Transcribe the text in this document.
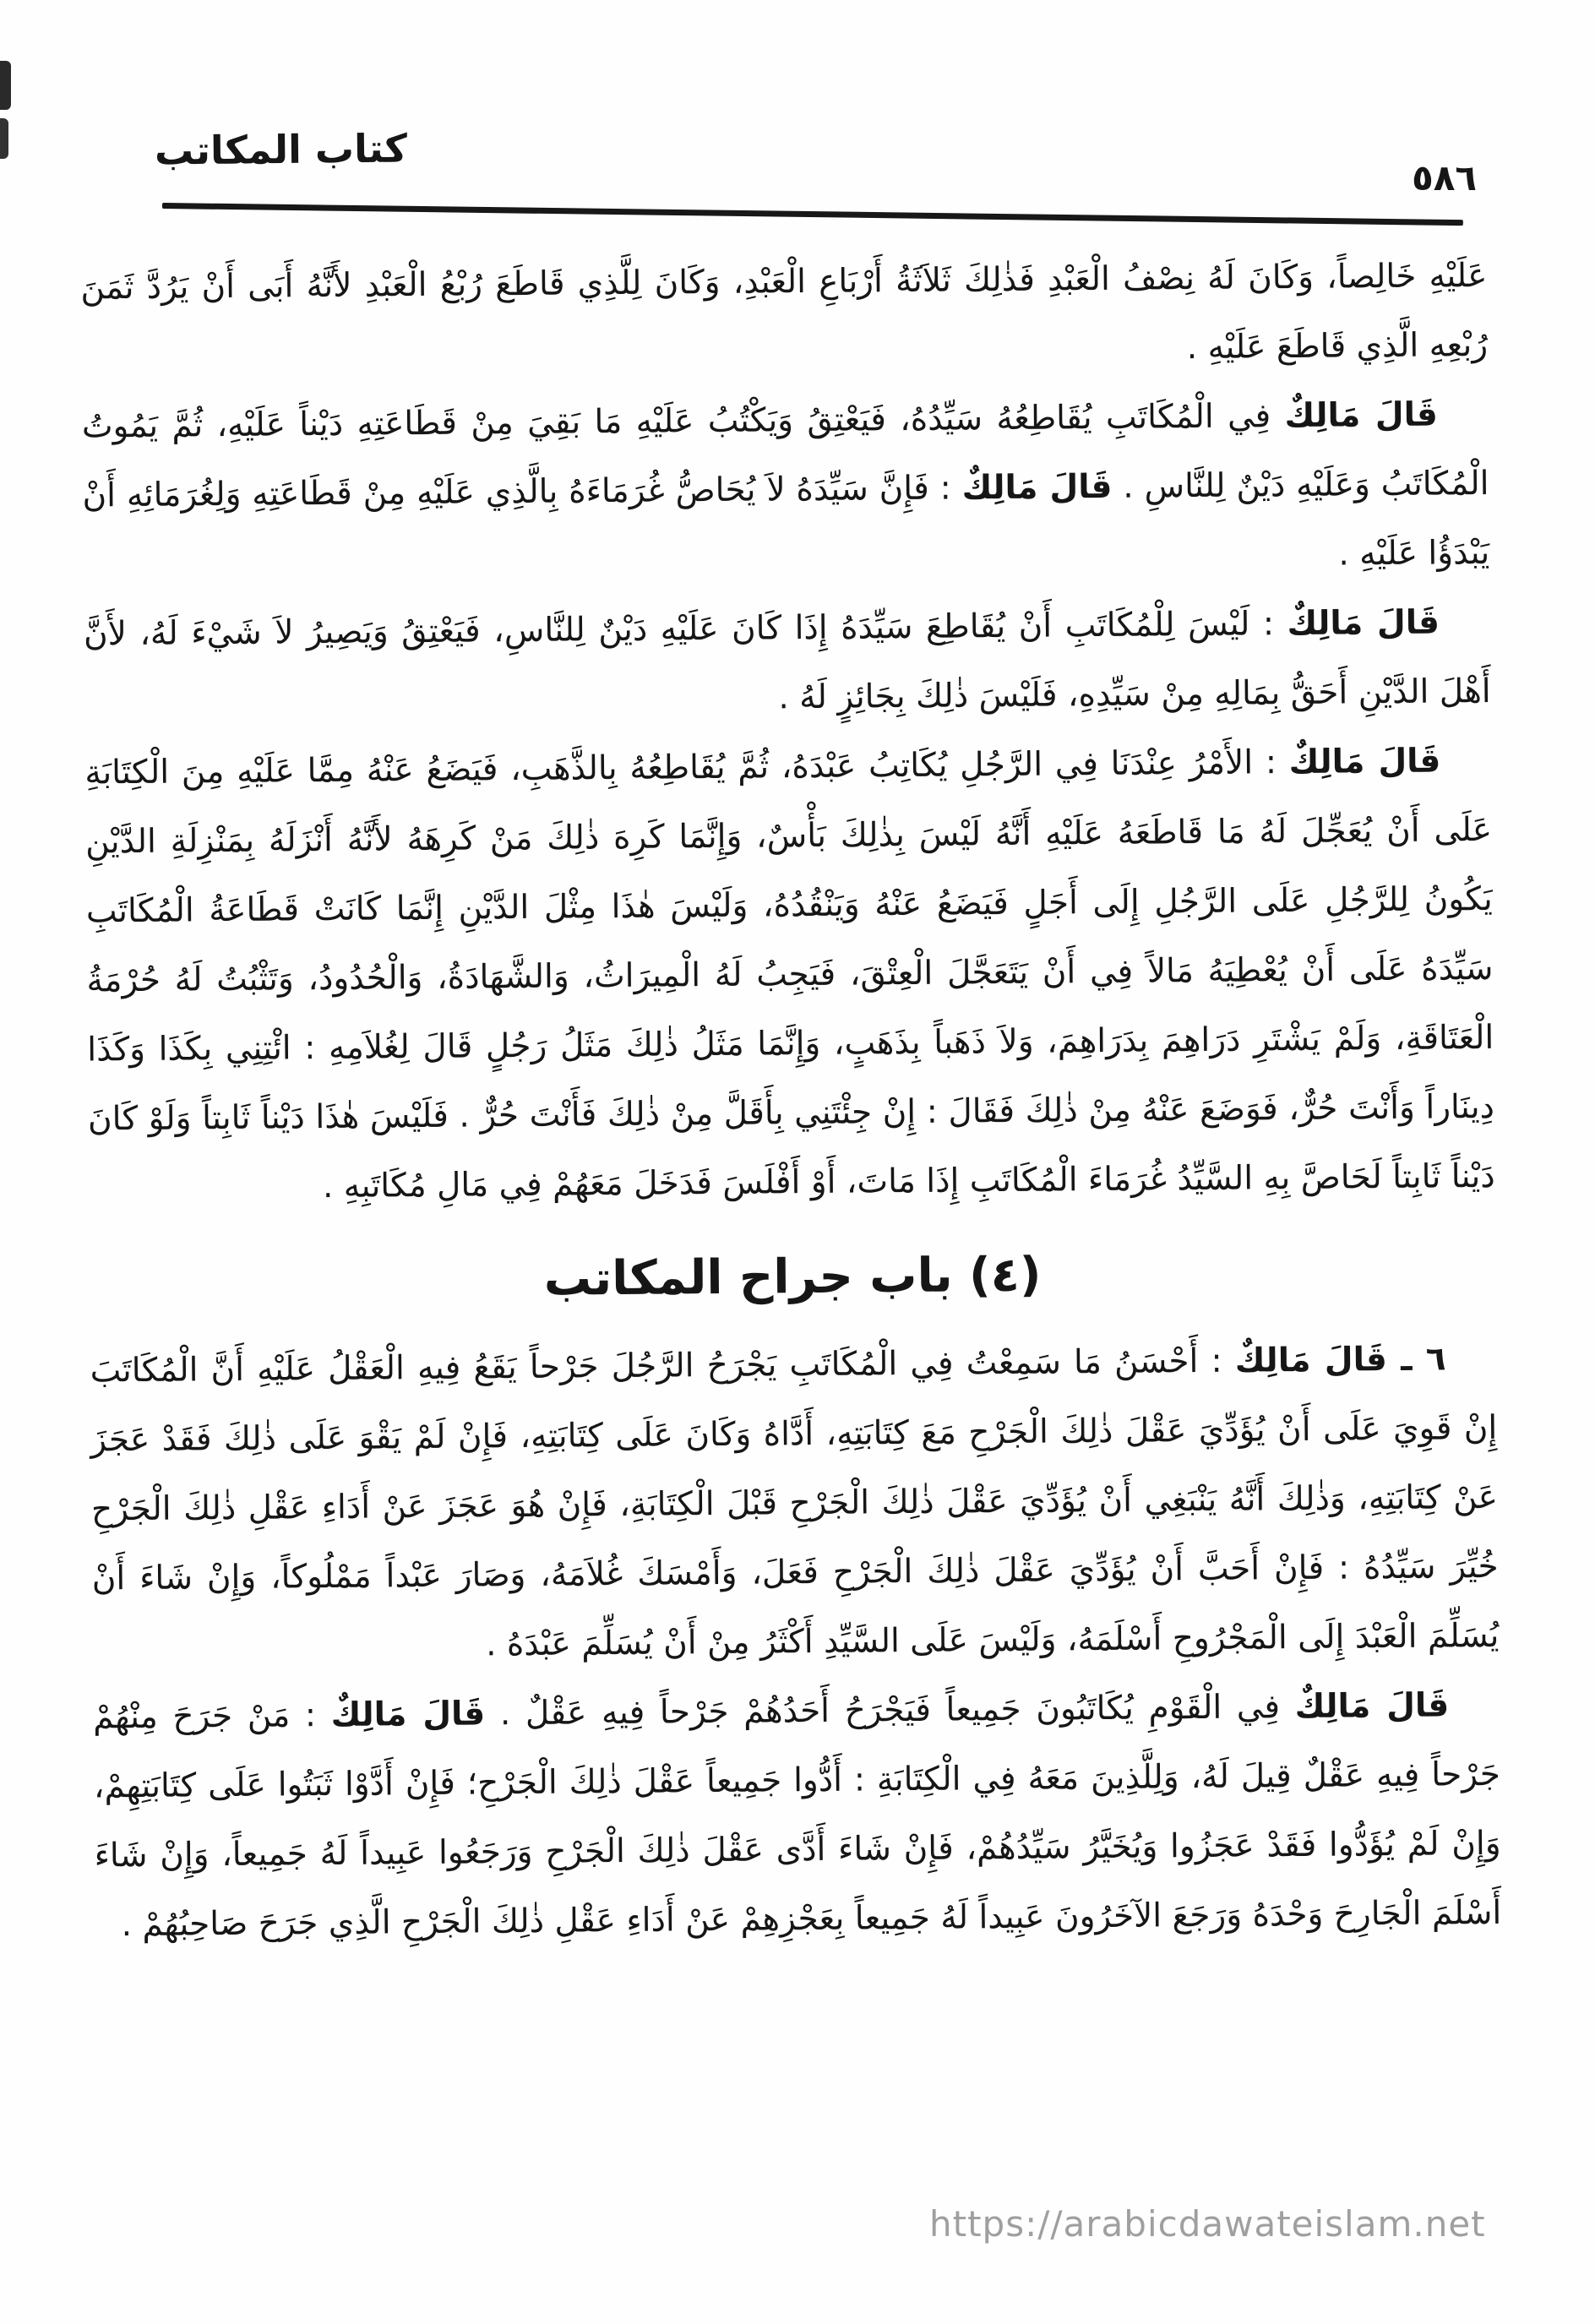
كتاب المكاتب
٥٨٦

عَلَيْهِ خَالِصاً، وَكَانَ لَهُ نِصْفُ الْعَبْدِ فَذٰلِكَ ثَلاَثَةُ أَرْبَاعِ الْعَبْدِ، وَكَانَ لِلَّذِي قَاطَعَ رُبْعُ الْعَبْدِ لأَنَّهُ أَبَى أَنْ يَرُدَّ ثَمَنَ رُبْعِهِ الَّذِي قَاطَعَ عَلَيْهِ .

قَالَ مَالِكٌ فِي الْمُكَاتَبِ يُقَاطِعُهُ سَيِّدُهُ، فَيَعْتِقُ وَيَكْتُبُ عَلَيْهِ مَا بَقِيَ مِنْ قَطَاعَتِهِ دَيْناً عَلَيْهِ، ثُمَّ يَمُوتُ الْمُكَاتَبُ وَعَلَيْهِ دَيْنٌ لِلنَّاسِ . قَالَ مَالِكٌ : فَإِنَّ سَيِّدَهُ لاَ يُحَاصُّ غُرَمَاءَهُ بِالَّذِي عَلَيْهِ مِنْ قَطَاعَتِهِ وَلِغُرَمَائِهِ أَنْ يَبْدَؤُا عَلَيْهِ .

قَالَ مَالِكٌ : لَيْسَ لِلْمُكَاتَبِ أَنْ يُقَاطِعَ سَيِّدَهُ إِذَا كَانَ عَلَيْهِ دَيْنٌ لِلنَّاسِ، فَيَعْتِقُ وَيَصِيرُ لاَ شَيْءَ لَهُ، لأَنَّ أَهْلَ الدَّيْنِ أَحَقُّ بِمَالِهِ مِنْ سَيِّدِهِ، فَلَيْسَ ذٰلِكَ بِجَائِزٍ لَهُ .

قَالَ مَالِكٌ : الأَمْرُ عِنْدَنَا فِي الرَّجُلِ يُكَاتِبُ عَبْدَهُ، ثُمَّ يُقَاطِعُهُ بِالذَّهَبِ، فَيَضَعُ عَنْهُ مِمَّا عَلَيْهِ مِنَ الْكِتَابَةِ عَلَى أَنْ يُعَجِّلَ لَهُ مَا قَاطَعَهُ عَلَيْهِ أَنَّهُ لَيْسَ بِذٰلِكَ بَأْسٌ، وَإِنَّمَا كَرِهَ ذٰلِكَ مَنْ كَرِهَهُ لأَنَّهُ أَنْزَلَهُ بِمَنْزِلَةِ الدَّيْنِ يَكُونُ لِلرَّجُلِ عَلَى الرَّجُلِ إِلَى أَجَلٍ فَيَضَعُ عَنْهُ وَيَنْقُدُهُ، وَلَيْسَ هٰذَا مِثْلَ الدَّيْنِ إِنَّمَا كَانَتْ قَطَاعَةُ الْمُكَاتَبِ سَيِّدَهُ عَلَى أَنْ يُعْطِيَهُ مَالاً فِي أَنْ يَتَعَجَّلَ الْعِتْقَ، فَيَجِبُ لَهُ الْمِيرَاثُ، وَالشَّهَادَةُ، وَالْحُدُودُ، وَتَثْبُتُ لَهُ حُرْمَةُ الْعَتَاقَةِ، وَلَمْ يَشْتَرِ دَرَاهِمَ بِدَرَاهِمَ، وَلاَ ذَهَباً بِذَهَبٍ، وَإِنَّمَا مَثَلُ ذٰلِكَ مَثَلُ رَجُلٍ قَالَ لِغُلاَمِهِ : ائْتِنِي بِكَذَا وَكَذَا دِينَاراً وَأَنْتَ حُرٌّ، فَوَضَعَ عَنْهُ مِنْ ذٰلِكَ فَقَالَ : إِنْ جِئْتَنِي بِأَقَلَّ مِنْ ذٰلِكَ فَأَنْتَ حُرٌّ . فَلَيْسَ هٰذَا دَيْناً ثَابِتاً وَلَوْ كَانَ دَيْناً ثَابِتاً لَحَاصَّ بِهِ السَّيِّدُ غُرَمَاءَ الْمُكَاتَبِ إِذَا مَاتَ، أَوْ أَفْلَسَ فَدَخَلَ مَعَهُمْ فِي مَالِ مُكَاتَبِهِ .

(٤) باب جراح المكاتب

٦ ـ قَالَ مَالِكٌ : أَحْسَنُ مَا سَمِعْتُ فِي الْمُكَاتَبِ يَجْرَحُ الرَّجُلَ جَرْحاً يَقَعُ فِيهِ الْعَقْلُ عَلَيْهِ أَنَّ الْمُكَاتَبَ إِنْ قَوِيَ عَلَى أَنْ يُؤَدِّيَ عَقْلَ ذٰلِكَ الْجَرْحِ مَعَ كِتَابَتِهِ، أَدَّاهُ وَكَانَ عَلَى كِتَابَتِهِ، فَإِنْ لَمْ يَقْوَ عَلَى ذٰلِكَ فَقَدْ عَجَزَ عَنْ كِتَابَتِهِ، وَذٰلِكَ أَنَّهُ يَنْبَغِي أَنْ يُؤَدِّيَ عَقْلَ ذٰلِكَ الْجَرْحِ قَبْلَ الْكِتَابَةِ، فَإِنْ هُوَ عَجَزَ عَنْ أَدَاءِ عَقْلِ ذٰلِكَ الْجَرْحِ خُيِّرَ سَيِّدُهُ : فَإِنْ أَحَبَّ أَنْ يُؤَدِّيَ عَقْلَ ذٰلِكَ الْجَرْحِ فَعَلَ، وَأَمْسَكَ غُلاَمَهُ، وَصَارَ عَبْداً مَمْلُوكاً، وَإِنْ شَاءَ أَنْ يُسَلِّمَ الْعَبْدَ إِلَى الْمَجْرُوحِ أَسْلَمَهُ، وَلَيْسَ عَلَى السَّيِّدِ أَكْثَرُ مِنْ أَنْ يُسَلِّمَ عَبْدَهُ .

قَالَ مَالِكٌ فِي الْقَوْمِ يُكَاتَبُونَ جَمِيعاً فَيَجْرَحُ أَحَدُهُمْ جَرْحاً فِيهِ عَقْلٌ . قَالَ مَالِكٌ : مَنْ جَرَحَ مِنْهُمْ جَرْحاً فِيهِ عَقْلٌ قِيلَ لَهُ، وَلِلَّذِينَ مَعَهُ فِي الْكِتَابَةِ : أَدُّوا جَمِيعاً عَقْلَ ذٰلِكَ الْجَرْحِ؛ فَإِنْ أَدَّوْا ثَبَتُوا عَلَى كِتَابَتِهِمْ، وَإِنْ لَمْ يُؤَدُّوا فَقَدْ عَجَزُوا وَيُخَيَّرُ سَيِّدُهُمْ، فَإِنْ شَاءَ أَدَّى عَقْلَ ذٰلِكَ الْجَرْحِ وَرَجَعُوا عَبِيداً لَهُ جَمِيعاً، وَإِنْ شَاءَ أَسْلَمَ الْجَارِحَ وَحْدَهُ وَرَجَعَ الآخَرُونَ عَبِيداً لَهُ جَمِيعاً بِعَجْزِهِمْ عَنْ أَدَاءِ عَقْلِ ذٰلِكَ الْجَرْحِ الَّذِي جَرَحَ صَاحِبُهُمْ .

https://arabicdawateislam.net
